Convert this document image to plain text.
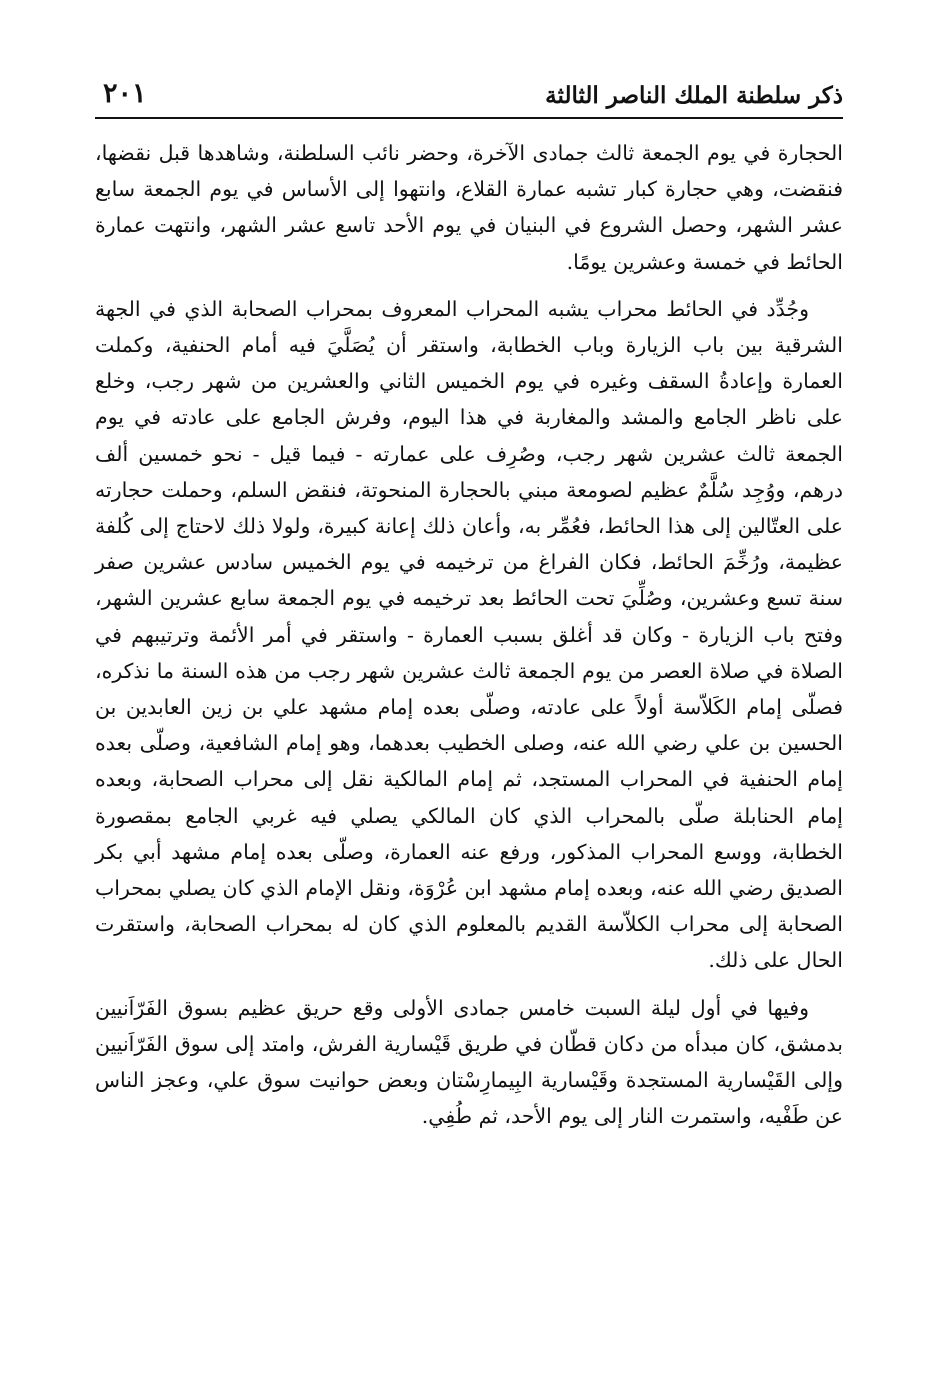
ذكر سلطنة الملك الناصر الثالثة
٢٠١

الحجارة في يوم الجمعة ثالث جمادى الآخرة، وحضر نائب السلطنة، وشاهدها قبل نقضها، فنقضت، وهي حجارة كبار تشبه عمارة القلاع، وانتهوا إلى الأساس في يوم الجمعة سابع عشر الشهر، وحصل الشروع في البنيان في يوم الأحد تاسع عشر الشهر، وانتهت عمارة الحائط في خمسة وعشرين يومًا.

وجُدِّد في الحائط محراب يشبه المحراب المعروف بمحراب الصحابة الذي في الجهة الشرقية بين باب الزيارة وباب الخطابة، واستقر أن يُصَلَّيَ فيه أمام الحنفية، وكملت العمارة وإعادةُ السقف وغيره في يوم الخميس الثاني والعشرين من شهر رجب، وخلع على ناظر الجامع والمشد والمغاربة في هذا اليوم، وفرش الجامع على عادته في يوم الجمعة ثالث عشرين شهر رجب، وصُرِف على عمارته - فيما قيل - نحو خمسين ألف درهم، ووُجِد سُلَّمٌ عظيم لصومعة مبني بالحجارة المنحوتة، فنقض السلم، وحملت حجارته على العتّالين إلى هذا الحائط، فعُمِّر به، وأعان ذلك إعانة كبيرة، ولولا ذلك لاحتاج إلى كُلفة عظيمة، ورُخِّمَ الحائط، فكان الفراغ من ترخيمه في يوم الخميس سادس عشرين صفر سنة تسع وعشرين، وصُلِّيَ تحت الحائط بعد ترخيمه في يوم الجمعة سابع عشرين الشهر، وفتح باب الزيارة - وكان قد أغلق بسبب العمارة - واستقر في أمر الأئمة وترتيبهم في الصلاة في صلاة العصر من يوم الجمعة ثالث عشرين شهر رجب من هذه السنة ما نذكره، فصلّى إمام الكَلاّسة أولاً على عادته، وصلّى بعده إمام مشهد علي بن زين العابدين بن الحسين بن علي رضي الله عنه، وصلى الخطيب بعدهما، وهو إمام الشافعية، وصلّى بعده إمام الحنفية في المحراب المستجد، ثم إمام المالكية نقل إلى محراب الصحابة، وبعده إمام الحنابلة صلّى بالمحراب الذي كان المالكي يصلي فيه غربي الجامع بمقصورة الخطابة، ووسع المحراب المذكور، ورفع عنه العمارة، وصلّى بعده إمام مشهد أبي بكر الصديق رضي الله عنه، وبعده إمام مشهد ابن عُرْوَة، ونقل الإمام الذي كان يصلي بمحراب الصحابة إلى محراب الكلاّسة القديم بالمعلوم الذي كان له بمحراب الصحابة، واستقرت الحال على ذلك.

وفيها في أول ليلة السبت خامس جمادى الأولى وقع حريق عظيم بسوق الفَرّاَنيين بدمشق، كان مبدأه من دكان قطّان في طريق قَيْسارية الفرش، وامتد إلى سوق الفَرّاَنيين وإلى القَيْسارية المستجدة وقَيْسارية البِيمارِسْتان وبعض حوانيت سوق علي، وعجز الناس عن طَفْيه، واستمرت النار إلى يوم الأحد، ثم طُفِي.
